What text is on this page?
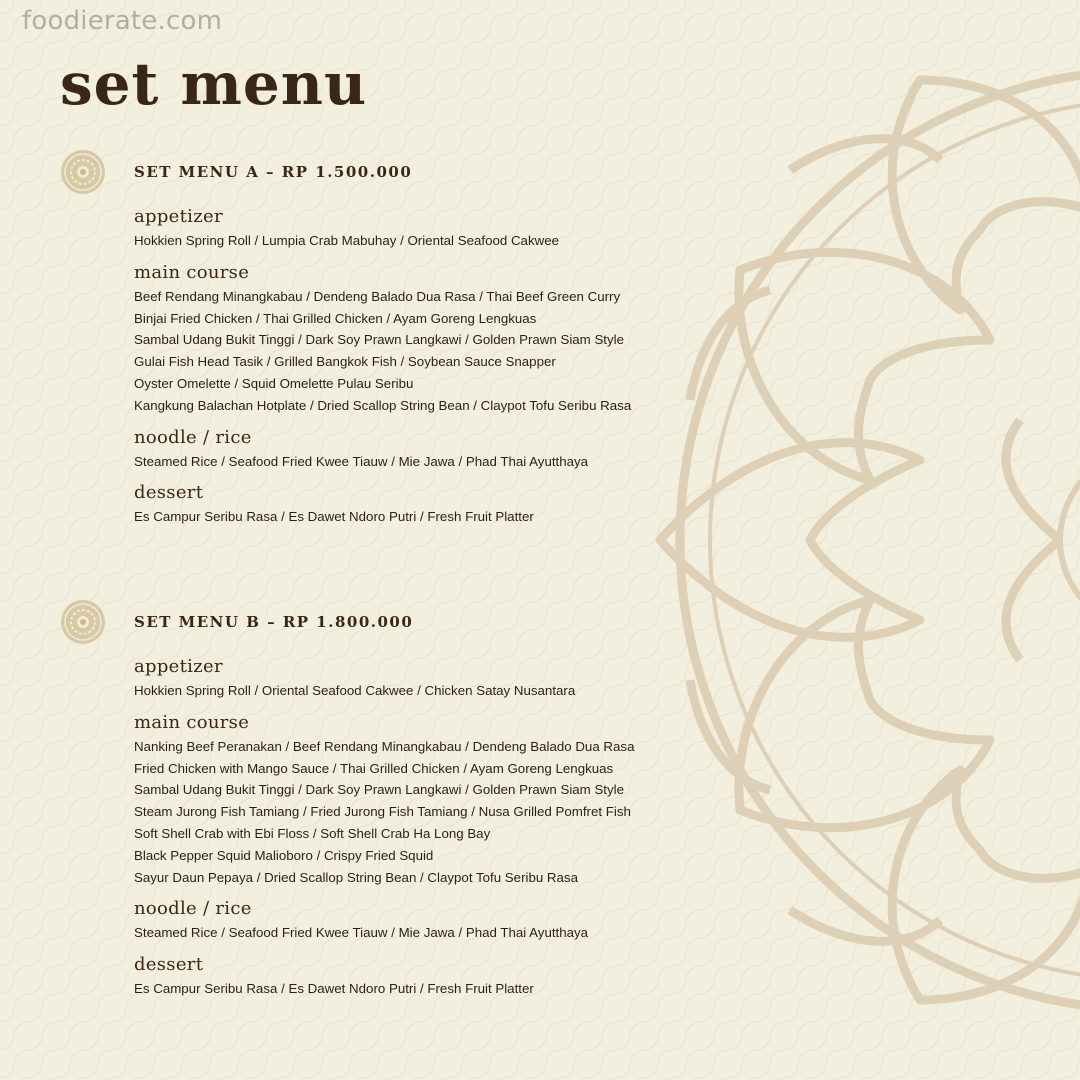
foodierate.com
set menu
SET MENU A – RP 1.500.000
appetizer
Hokkien Spring Roll / Lumpia Crab Mabuhay / Oriental Seafood Cakwee
main course
Beef Rendang Minangkabau / Dendeng Balado Dua Rasa / Thai Beef Green Curry
Binjai Fried Chicken / Thai Grilled Chicken / Ayam Goreng Lengkuas
Sambal Udang Bukit Tinggi / Dark Soy Prawn Langkawi / Golden Prawn Siam Style
Gulai Fish Head Tasik / Grilled Bangkok Fish / Soybean Sauce Snapper
Oyster Omelette / Squid Omelette Pulau Seribu
Kangkung Balachan Hotplate / Dried Scallop String Bean / Claypot Tofu Seribu Rasa
noodle / rice
Steamed Rice / Seafood Fried Kwee Tiauw / Mie Jawa / Phad Thai Ayutthaya
dessert
Es Campur Seribu Rasa / Es Dawet Ndoro Putri / Fresh Fruit Platter
SET MENU B – RP 1.800.000
appetizer
Hokkien Spring Roll / Oriental Seafood Cakwee / Chicken Satay Nusantara
main course
Nanking Beef Peranakan / Beef Rendang Minangkabau / Dendeng Balado Dua Rasa
Fried Chicken with Mango Sauce / Thai Grilled Chicken / Ayam Goreng Lengkuas
Sambal Udang Bukit Tinggi / Dark Soy Prawn Langkawi / Golden Prawn Siam Style
Steam Jurong Fish Tamiang / Fried Jurong Fish Tamiang / Nusa Grilled Pomfret Fish
Soft Shell Crab with Ebi Floss / Soft Shell Crab Ha Long Bay
Black Pepper Squid Malioboro / Crispy Fried Squid
Sayur Daun Pepaya / Dried Scallop String Bean / Claypot Tofu Seribu Rasa
noodle / rice
Steamed Rice / Seafood Fried Kwee Tiauw / Mie Jawa / Phad Thai Ayutthaya
dessert
Es Campur Seribu Rasa / Es Dawet Ndoro Putri / Fresh Fruit Platter
